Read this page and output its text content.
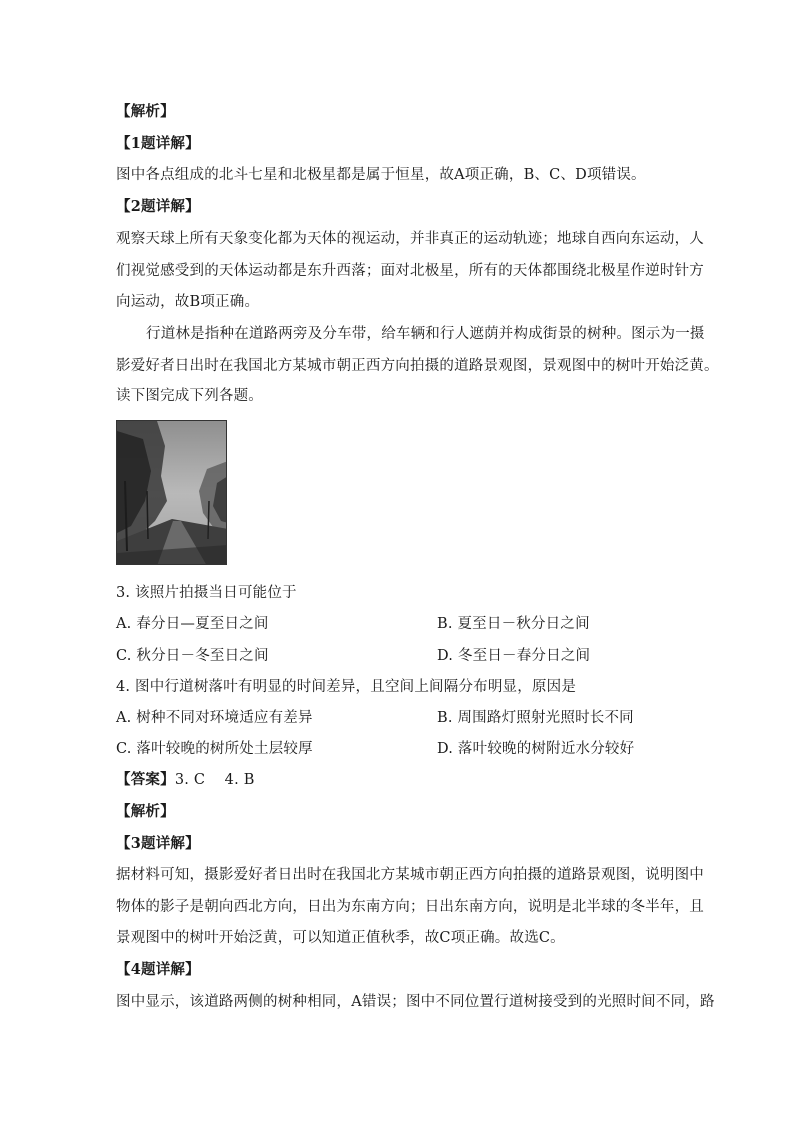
【解析】
【1题详解】
图中各点组成的北斗七星和北极星都是属于恒星，故A项正确，B、C、D项错误。
【2题详解】
观察天球上所有天象变化都为天体的视运动，并非真正的运动轨迹；地球自西向东运动，人
们视觉感受到的天体运动都是东升西落；面对北极星，所有的天体都围绕北极星作逆时针方
向运动，故B项正确。
行道林是指种在道路两旁及分车带，给车辆和行人遮荫并构成街景的树种。图示为一摄
影爱好者日出时在我国北方某城市朝正西方向拍摄的道路景观图，景观图中的树叶开始泛黄。
读下图完成下列各题。
3. 该照片拍摄当日可能位于
A. 春分日—夏至日之间	B. 夏至日－秋分日之间
C. 秋分日－冬至日之间	D. 冬至日－春分日之间
4. 图中行道树落叶有明显的时间差异，且空间上间隔分布明显，原因是
A. 树种不同对环境适应有差异	B. 周围路灯照射光照时长不同
C. 落叶较晚的树所处土层较厚	D. 落叶较晚的树附近水分较好
【答案】3. C　 4. B
【解析】
【3题详解】
据材料可知，摄影爱好者日出时在我国北方某城市朝正西方向拍摄的道路景观图，说明图中
物体的影子是朝向西北方向，日出为东南方向；日出东南方向，说明是北半球的冬半年，且
景观图中的树叶开始泛黄，可以知道正值秋季，故C项正确。故选C。
【4题详解】
图中显示，该道路两侧的树种相同，A错误；图中不同位置行道树接受到的光照时间不同，路
